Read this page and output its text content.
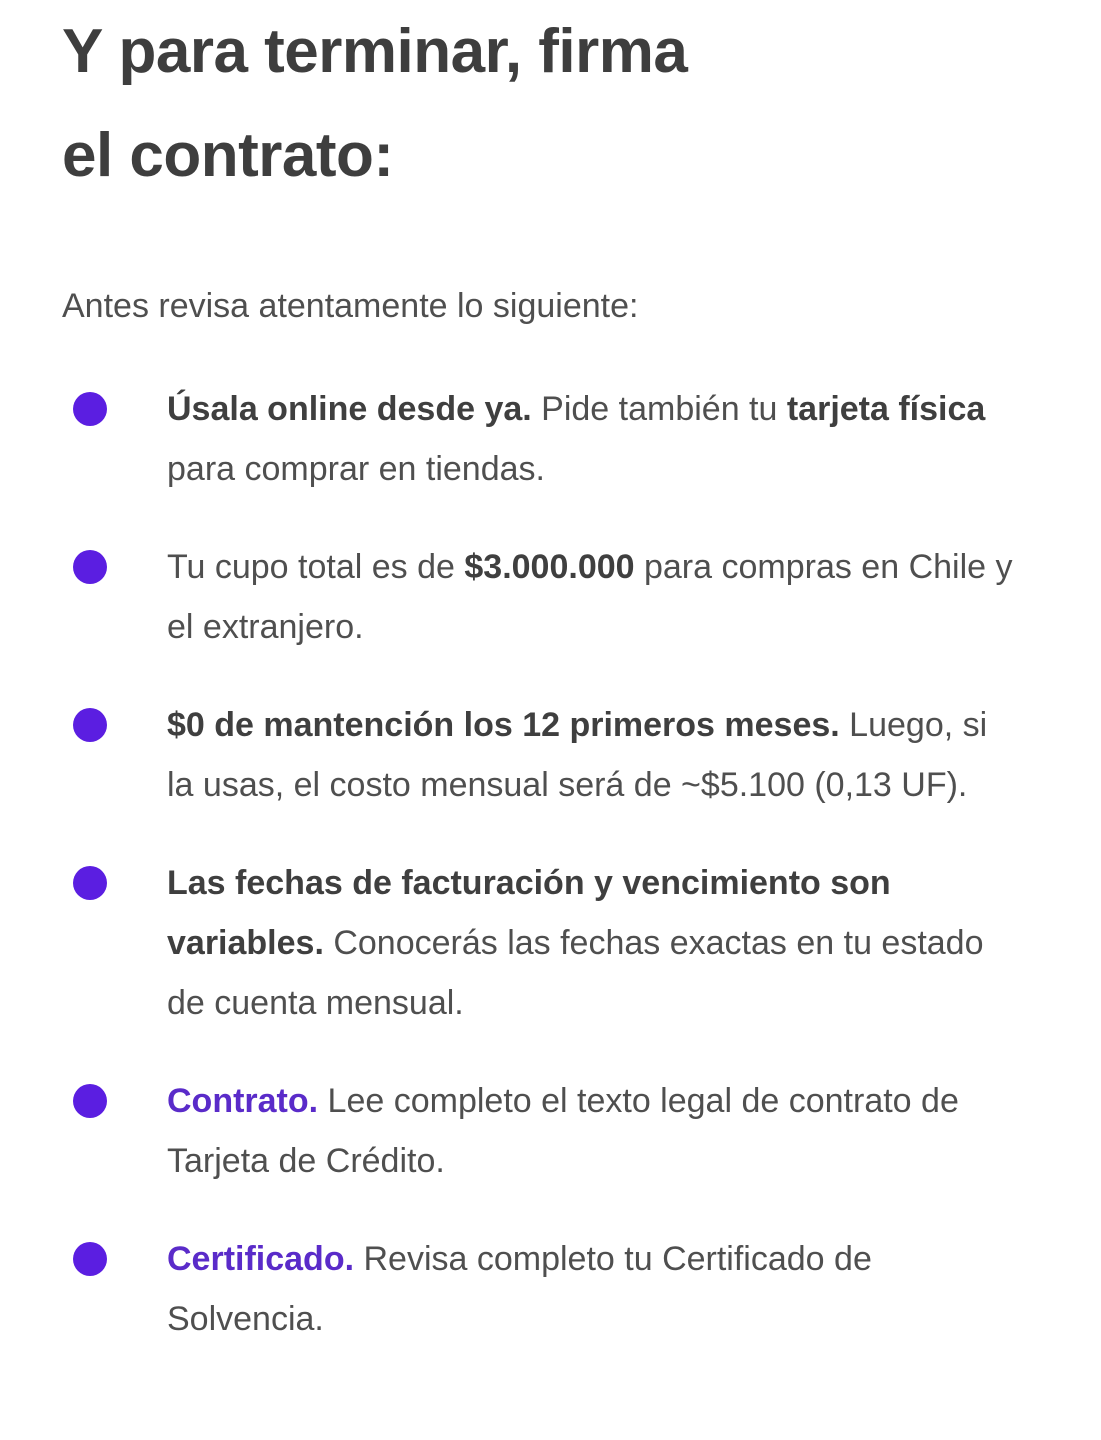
Y para terminar, firma
el contrato:

Antes revisa atentamente lo siguiente:

Úsala online desde ya. Pide también tu tarjeta física para comprar en tiendas.

Tu cupo total es de $3.000.000 para compras en Chile y el extranjero.

$0 de mantención los 12 primeros meses. Luego, si la usas, el costo mensual será de ~$5.100 (0,13 UF).

Las fechas de facturación y vencimiento son variables. Conocerás las fechas exactas en tu estado de cuenta mensual.

Contrato. Lee completo el texto legal de contrato de Tarjeta de Crédito.

Certificado. Revisa completo tu Certificado de Solvencia.
